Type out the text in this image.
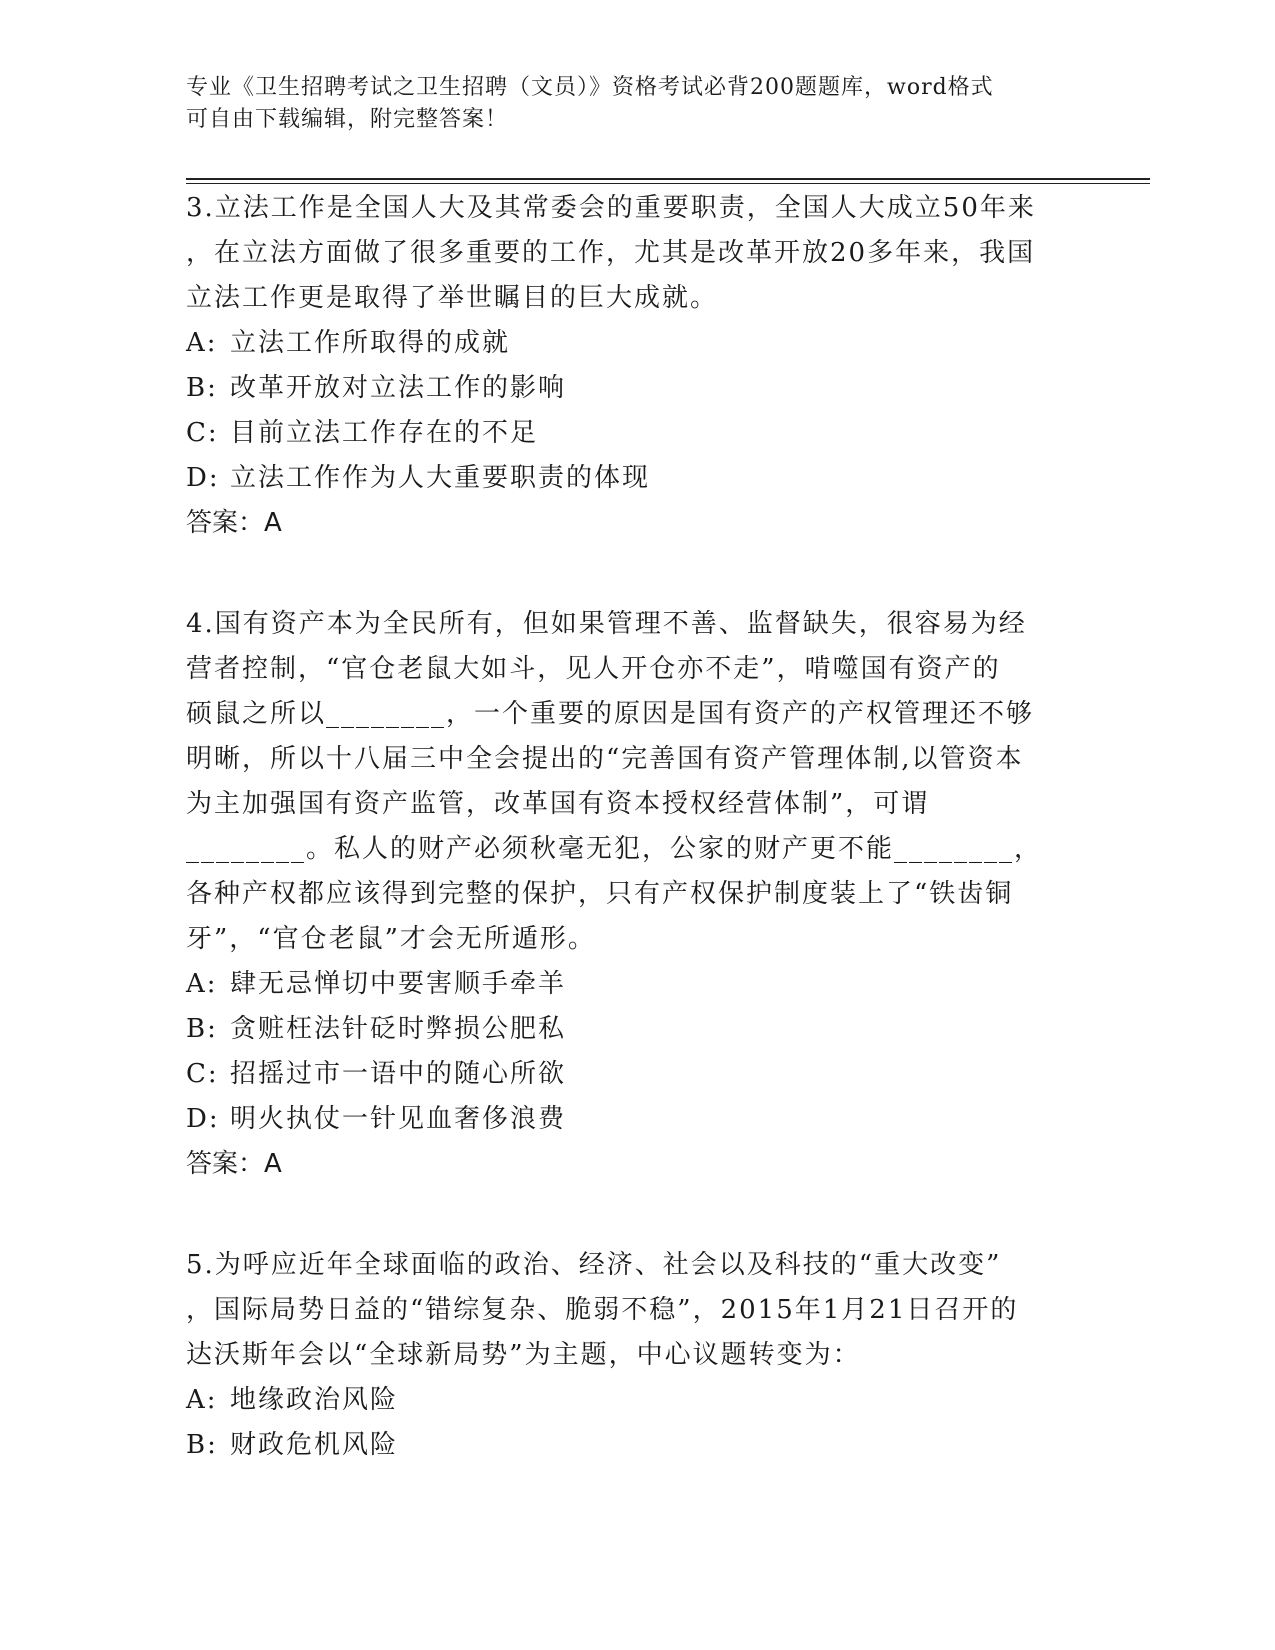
专业《卫生招聘考试之卫生招聘（文员）》资格考试必背200题题库，word格式
可自由下载编辑，附完整答案！

3.立法工作是全国人大及其常委会的重要职责，全国人大成立50年来

，在立法方面做了很多重要的工作，尤其是改革开放20多年来，我国

立法工作更是取得了举世瞩目的巨大成就。

A: 立法工作所取得的成就

B: 改革开放对立法工作的影响

C: 目前立法工作存在的不足

D: 立法工作作为人大重要职责的体现

答案：A

4.国有资产本为全民所有，但如果管理不善、监督缺失，很容易为经

营者控制，“官仓老鼠大如斗，见人开仓亦不走”，啃噬国有资产的

硕鼠之所以________，一个重要的原因是国有资产的产权管理还不够

明晰，所以十八届三中全会提出的“完善国有资产管理体制,以管资本

为主加强国有资产监管，改革国有资本授权经营体制”，可谓

________。私人的财产必须秋毫无犯，公家的财产更不能________，

各种产权都应该得到完整的保护，只有产权保护制度装上了“铁齿铜

牙”，“官仓老鼠”才会无所遁形。

A: 肆无忌惮切中要害顺手牵羊

B: 贪赃枉法针砭时弊损公肥私

C: 招摇过市一语中的随心所欲

D: 明火执仗一针见血奢侈浪费

答案：A

5.为呼应近年全球面临的政治、经济、社会以及科技的“重大改变”

，国际局势日益的“错综复杂、脆弱不稳”，2015年1月21日召开的

达沃斯年会以“全球新局势”为主题，中心议题转变为：

A: 地缘政治风险

B: 财政危机风险
